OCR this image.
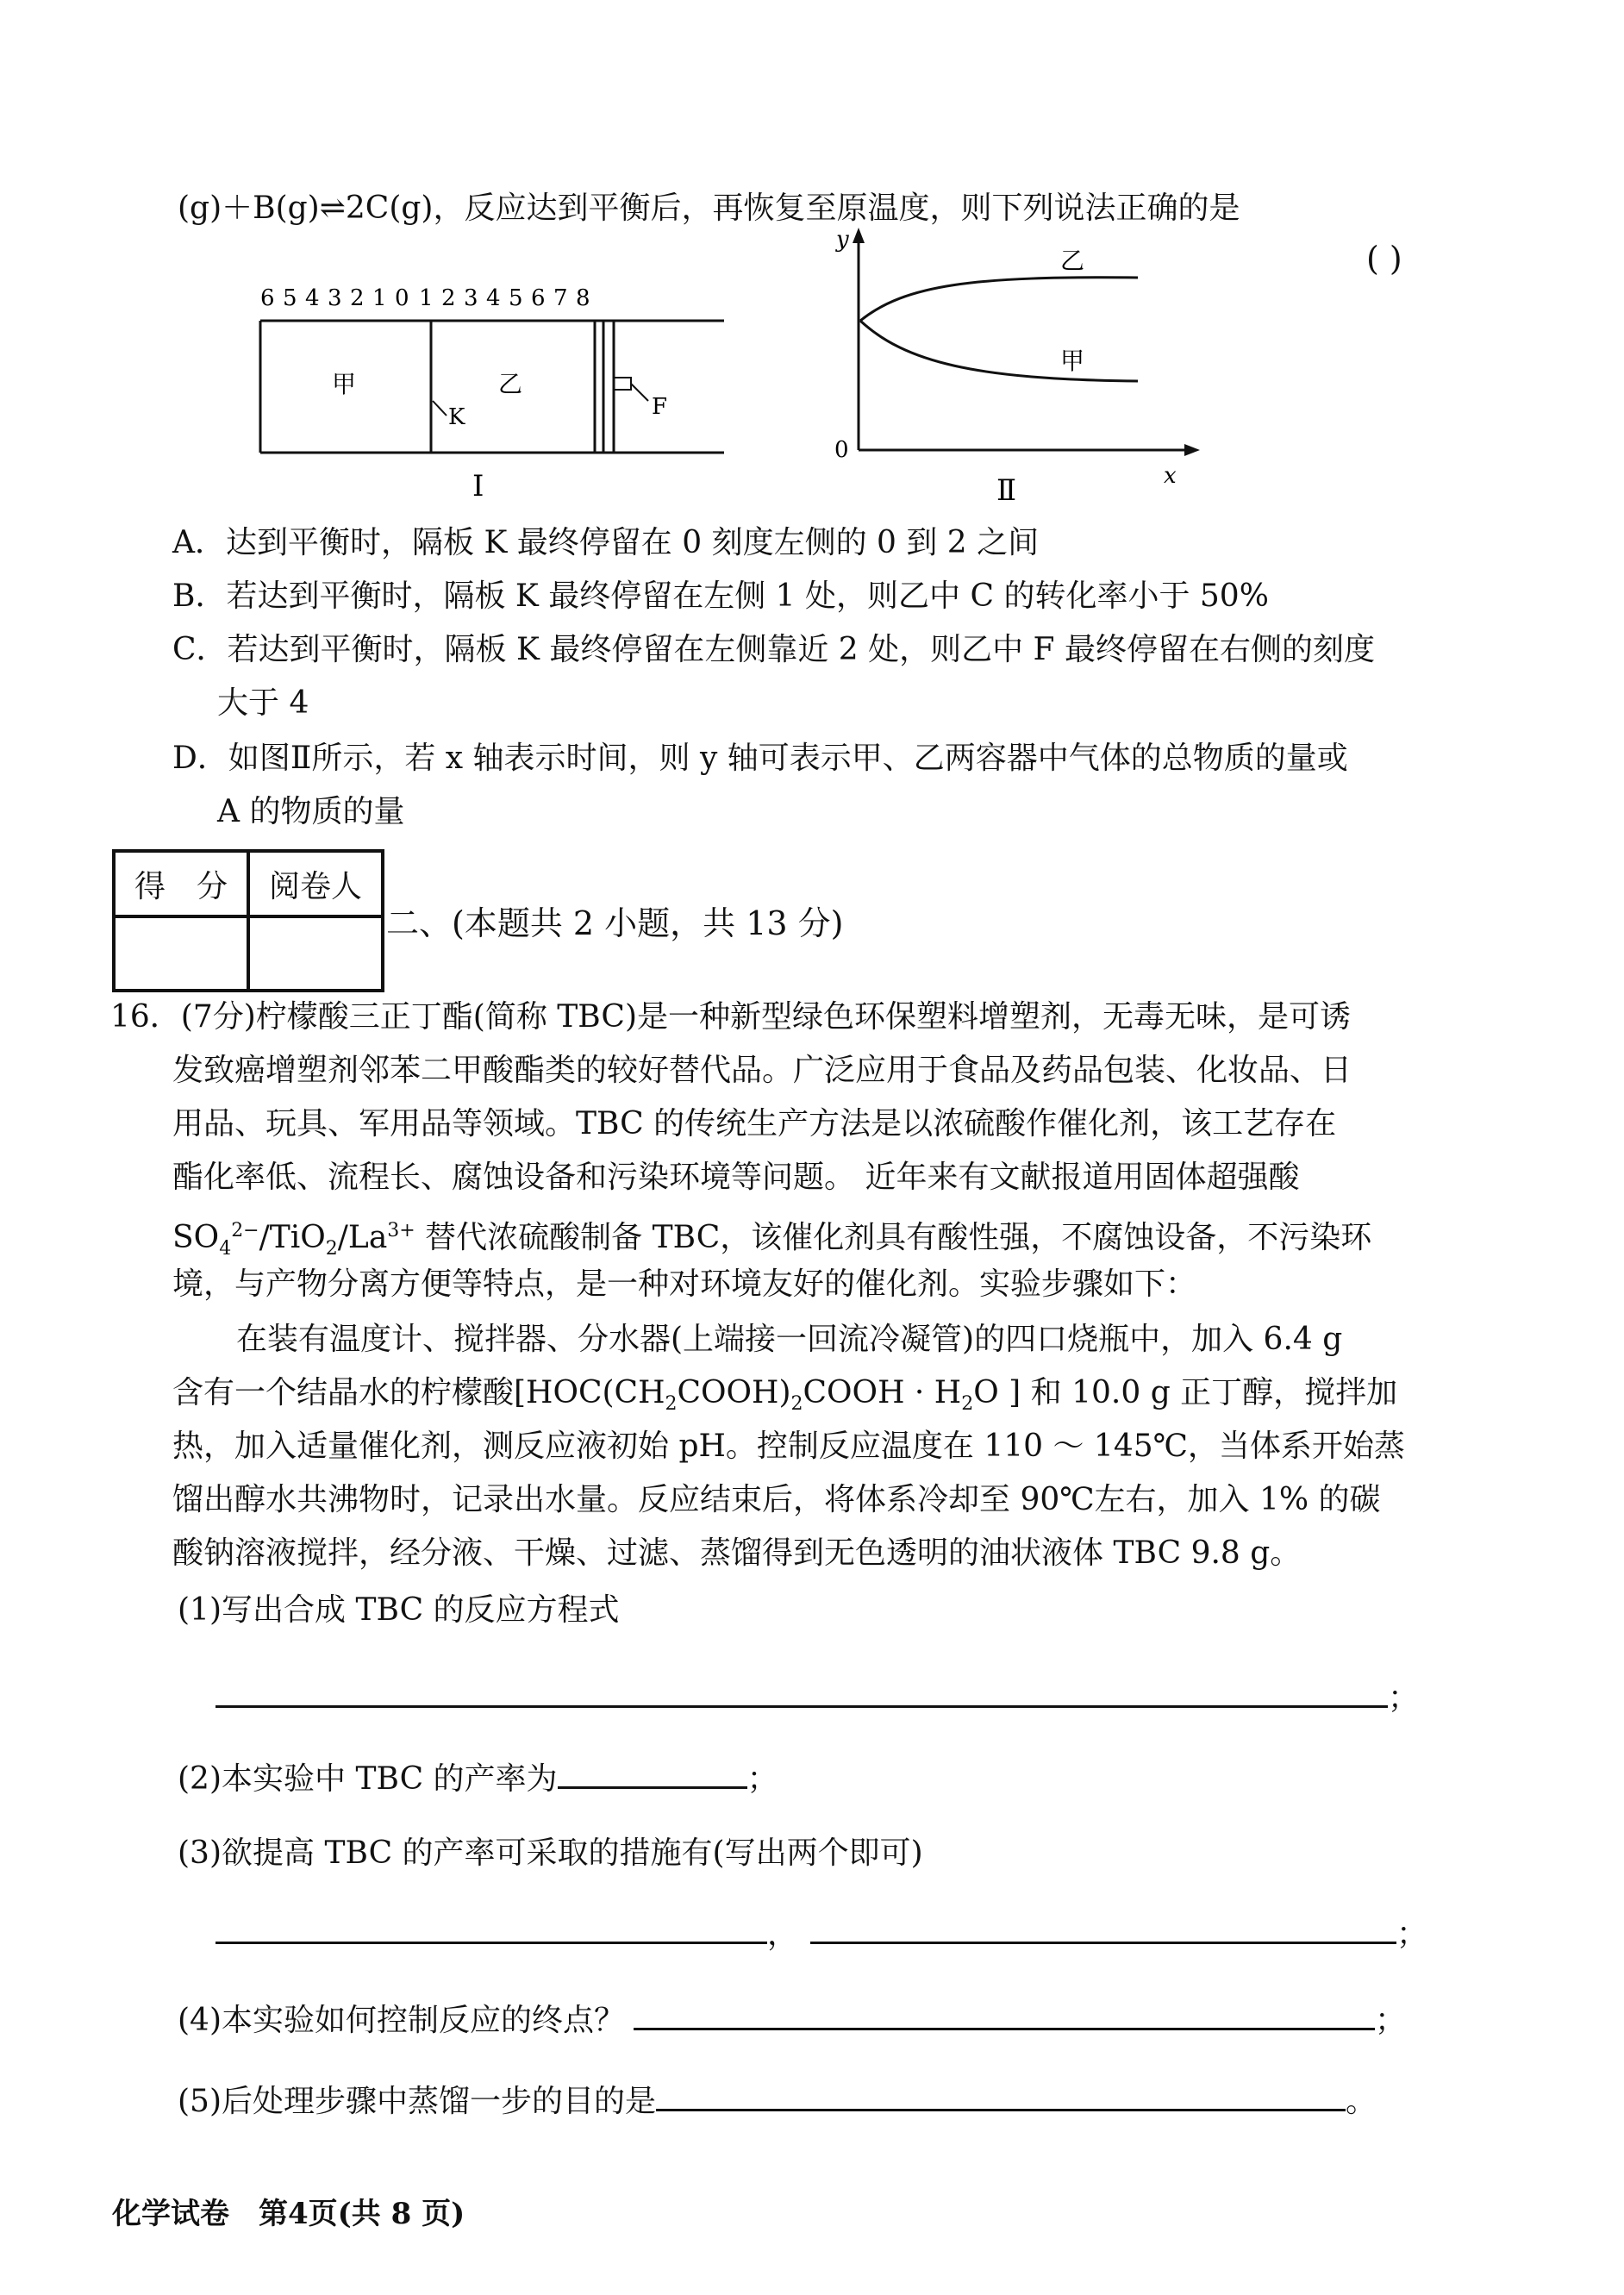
(g)＋B(g)⇌2C(g)，反应达到平衡后，再恢复至原温度，则下列说法正确的是
( )
6 5 4 3 2 1 0 1 2 3 4 5 6 7 8
甲	乙
K	F
Ⅰ
y
x
0
乙
甲
Ⅱ
A．达到平衡时，隔板 K 最终停留在 0 刻度左侧的 0 到 2 之间
B．若达到平衡时，隔板 K 最终停留在左侧 1 处，则乙中 C 的转化率小于 50%
C．若达到平衡时，隔板 K 最终停留在左侧靠近 2 处，则乙中 F 最终停留在右侧的刻度
大于 4
D．如图Ⅱ所示，若 x 轴表示时间，则 y 轴可表示甲、乙两容器中气体的总物质的量或
A 的物质的量
得　分	阅卷人

二、(本题共 2 小题，共 13 分)
16．(7分)柠檬酸三正丁酯(简称 TBC)是一种新型绿色环保塑料增塑剂，无毒无味，是可诱
发致癌增塑剂邻苯二甲酸酯类的较好替代品。广泛应用于食品及药品包装、化妆品、日
用品、玩具、军用品等领域。TBC 的传统生产方法是以浓硫酸作催化剂，该工艺存在
酯化率低、流程长、腐蚀设备和污染环境等问题。 近年来有文献报道用固体超强酸
$SO_4^{2-}/TiO_2/La^{3+}$ 替代浓硫酸制备 TBC，该催化剂具有酸性强，不腐蚀设备，不污染环
境，与产物分离方便等特点，是一种对环境友好的催化剂。实验步骤如下：
在装有温度计、搅拌器、分水器(上端接一回流冷凝管)的四口烧瓶中，加入 6.4 g
含有一个结晶水的柠檬酸[$HOC(CH_2COOH)_2COOH \cdot H_2O$ ] 和 10.0 g 正丁醇，搅拌加
热，加入适量催化剂，测反应液初始 pH。控制反应温度在 110 ～ 145℃，当体系开始蒸
馏出醇水共沸物时，记录出水量。反应结束后，将体系冷却至 90℃左右，加入 1% 的碳
酸钠溶液搅拌，经分液、干燥、过滤、蒸馏得到无色透明的油状液体 TBC 9.8 g。
(1)写出合成 TBC 的反应方程式
；
(2)本实验中 TBC 的产率为	；
(3)欲提高 TBC 的产率可采取的措施有(写出两个即可)
，	；
(4)本实验如何控制反应的终点？	；
(5)后处理步骤中蒸馏一步的目的是	。
化学试卷　第4页(共 8 页)
